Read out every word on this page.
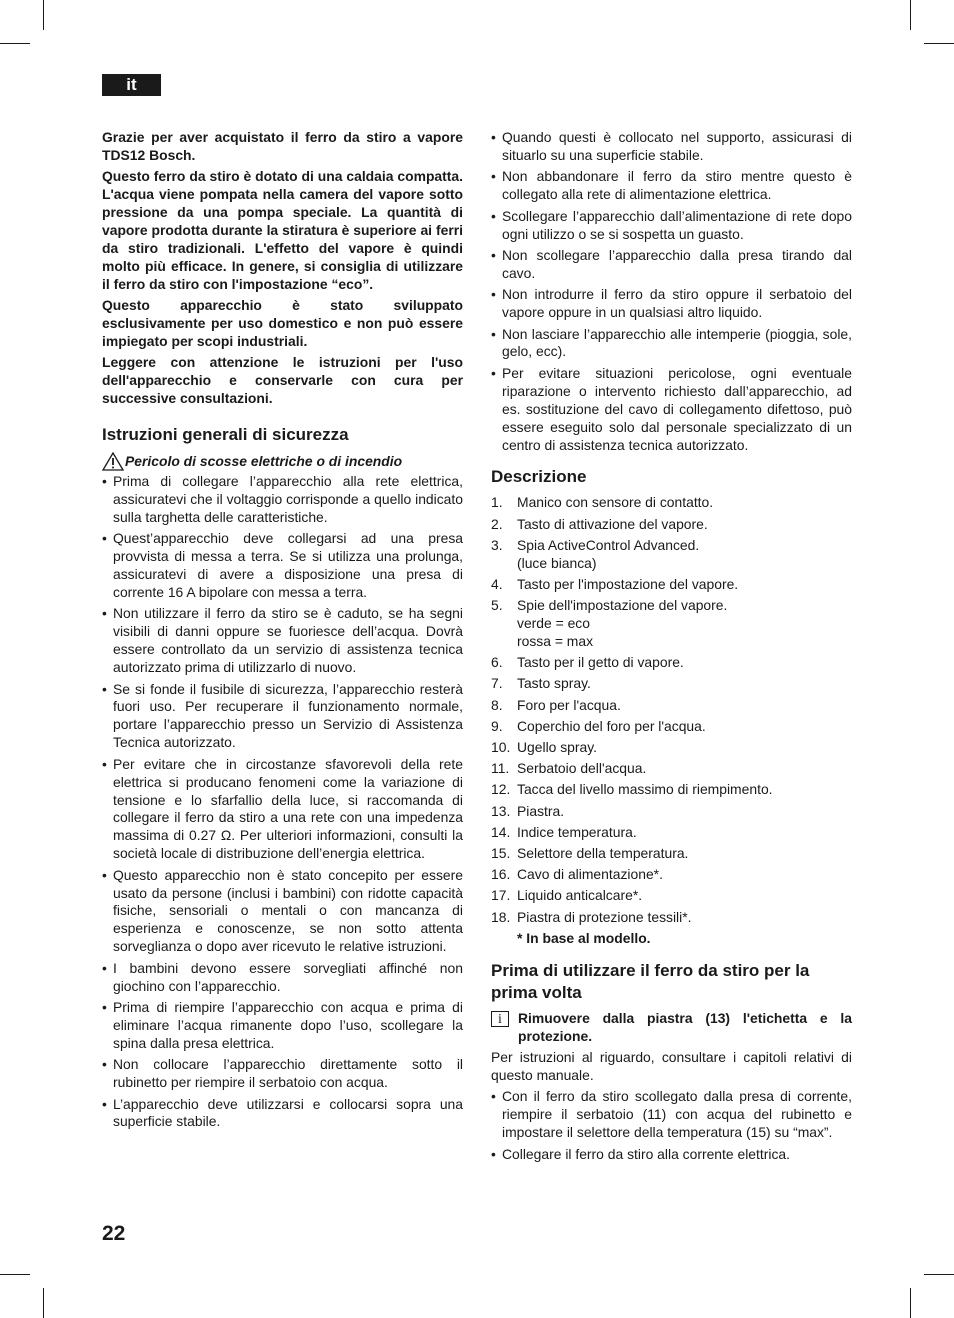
it

Grazie per aver acquistato il ferro da stiro a vapore TDS12 Bosch.

Questo ferro da stiro è dotato di una caldaia compatta. L'acqua viene pompata nella camera del vapore sotto pressione da una pompa speciale. La quantità di vapore prodotta durante la stiratura è superiore ai ferri da stiro tradizionali. L'effetto del vapore è quindi molto più efficace. In genere, si consiglia di utilizzare il ferro da stiro con l'impostazione “eco”.

Questo apparecchio è stato sviluppato esclusivamente per uso domestico e non può essere impiegato per scopi industriali.

Leggere con attenzione le istruzioni per l'uso dell'apparecchio e conservarle con cura per successive consultazioni.

Istruzioni generali di sicurezza
Pericolo di scosse elettriche o di incendio
• Prima di collegare l’apparecchio alla rete elettrica, assicuratevi che il voltaggio corrisponde a quello indicato sulla targhetta delle caratteristiche.
• Quest’apparecchio deve collegarsi ad una presa provvista di messa a terra. Se si utilizza una prolunga, assicuratevi di avere a disposizione una presa di corrente 16 A bipolare con messa a terra.
• Non utilizzare il ferro da stiro se è caduto, se ha segni visibili di danni oppure se fuoriesce dell’acqua. Dovrà essere controllato da un servizio di assistenza tecnica autorizzato prima di utilizzarlo di nuovo.
• Se si fonde il fusibile di sicurezza, l’apparecchio resterà fuori uso. Per recuperare il funzionamento normale, portare l’apparecchio presso un Servizio di Assistenza Tecnica autorizzato.
• Per evitare che in circostanze sfavorevoli della rete elettrica si producano fenomeni come la variazione di tensione e lo sfarfallio della luce, si raccomanda di collegare il ferro da stiro a una rete con una impedenza massima di 0.27 Ω. Per ulteriori informazioni, consulti la società locale di distribuzione dell’energia elettrica.
• Questo apparecchio non è stato concepito per essere usato da persone (inclusi i bambini) con ridotte capacità fisiche, sensoriali o mentali o con mancanza di esperienza e conoscenze, se non sotto attenta sorveglianza o dopo aver ricevuto le relative istruzioni.
• I bambini devono essere sorvegliati affinché non giochino con l’apparecchio.
• Prima di riempire l’apparecchio con acqua e prima di eliminare l’acqua rimanente dopo l’uso, scollegare la spina dalla presa elettrica.
• Non collocare l’apparecchio direttamente sotto il rubinetto per riempire il serbatoio con acqua.
• L’apparecchio deve utilizzarsi e collocarsi sopra una superficie stabile.
• Quando questi è collocato nel supporto, assicurasi di situarlo su una superficie stabile.
• Non abbandonare il ferro da stiro mentre questo è collegato alla rete di alimentazione elettrica.
• Scollegare l’apparecchio dall’alimentazione di rete dopo ogni utilizzo o se si sospetta un guasto.
• Non scollegare l’apparecchio dalla presa tirando dal cavo.
• Non introdurre il ferro da stiro oppure il serbatoio del vapore oppure in un qualsiasi altro liquido.
• Non lasciare l’apparecchio alle intemperie (pioggia, sole, gelo, ecc).
• Per evitare situazioni pericolose, ogni eventuale riparazione o intervento richiesto dall’apparecchio, ad es. sostituzione del cavo di collegamento difettoso, può essere eseguito solo dal personale specializzato di un centro di assistenza tecnica autorizzato.
Descrizione
1.	Manico con sensore di contatto.
2.	Tasto di attivazione del vapore.
3.	Spia ActiveControl Advanced.
(luce bianca)
4.	Tasto per l'impostazione del vapore.
5.	Spie dell'impostazione del vapore.
verde = eco
rossa = max
6.	Tasto per il getto di vapore.
7.	Tasto spray.
8.	Foro per l'acqua.
9.	Coperchio del foro per l'acqua.
10. Ugello spray.
11. Serbatoio dell'acqua.
12. Tacca del livello massimo di riempimento.
13. Piastra.
14. Indice temperatura.
15. Selettore della temperatura.
16. Cavo di alimentazione*.
17. Liquido anticalcare*.
18. Piastra di protezione tessili*.

* In base al modello.

Prima di utilizzare il ferro da stiro per la prima volta
i	Rimuovere dalla piastra (13) l'etichetta e la protezione.

Per istruzioni al riguardo, consultare i capitoli relativi di questo manuale.

• Con il ferro da stiro scollegato dalla presa di corrente, riempire il serbatoio (11) con acqua del rubinetto e impostare il selettore della temperatura (15) su “max”.
• Collegare il ferro da stiro alla corrente elettrica.
22
